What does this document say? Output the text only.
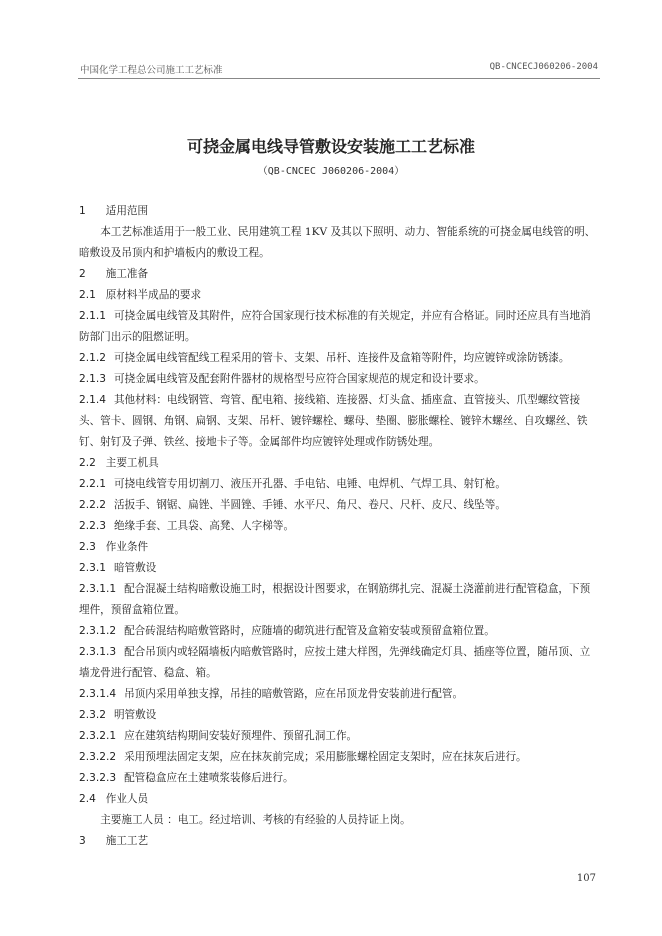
中国化学工程总公司施工工艺标准	QB-CNCECJ060206-2004
可挠金属电线导管敷设安装施工工艺标准
（QB-CNCEC J060206-2004）

1 适用范围

本工艺标准适用于一般工业、民用建筑工程 1KV 及其以下照明、动力、智能系统的可挠金属电线管的明、暗敷设及吊顶内和护墙板内的敷设工程。

2 施工准备

2.1 原材料半成品的要求

2.1.1 可挠金属电线管及其附件，应符合国家现行技术标准的有关规定，并应有合格证。同时还应具有当地消防部门出示的阻燃证明。

2.1.2 可挠金属电线管配线工程采用的管卡、支架、吊杆、连接件及盒箱等附件，均应镀锌或涂防锈漆。

2.1.3 可挠金属电线管及配套附件器材的规格型号应符合国家规范的规定和设计要求。

2.1.4 其他材料：电线钢管、弯管、配电箱、接线箱、连接器、灯头盒、插座盒、直管接头、爪型螺纹管接头、管卡、圆钢、角钢、扁钢、支架、吊杆、镀锌螺栓、螺母、垫圈、膨胀螺栓、镀锌木螺丝、自攻螺丝、铁钉、射钉及子弹、铁丝、接地卡子等。金属部件均应镀锌处理或作防锈处理。

2.2 主要工机具

2.2.1 可挠电线管专用切割刀、液压开孔器、手电钻、电锤、电焊机、气焊工具、射钉枪。

2.2.2 活扳手、钢锯、扁锉、半圆锉、手锤、水平尺、角尺、卷尺、尺杆、皮尺、线坠等。

2.2.3 绝缘手套、工具袋、高凳、人字梯等。

2.3 作业条件

2.3.1 暗管敷设

2.3.1.1 配合混凝土结构暗敷设施工时，根据设计图要求，在钢筋绑扎完、混凝土浇灌前进行配管稳盒，下预埋件，预留盒箱位置。

2.3.1.2 配合砖混结构暗敷管路时，应随墙的砌筑进行配管及盒箱安装或预留盒箱位置。

2.3.1.3 配合吊顶内或轻隔墙板内暗敷管路时，应按土建大样图，先弹线确定灯具、插座等位置，随吊顶、立墙龙骨进行配管、稳盒、箱。

2.3.1.4 吊顶内采用单独支撑，吊挂的暗敷管路，应在吊顶龙骨安装前进行配管。

2.3.2 明管敷设

2.3.2.1 应在建筑结构期间安装好预埋件、预留孔洞工作。

2.3.2.2 采用预埋法固定支架，应在抹灰前完成；采用膨胀螺栓固定支架时，应在抹灰后进行。

2.3.2.3 配管稳盒应在土建喷浆装修后进行。

2.4 作业人员

主要施工人员 ：电工。经过培训、考核的有经验的人员持证上岗。

3 施工工艺

107
